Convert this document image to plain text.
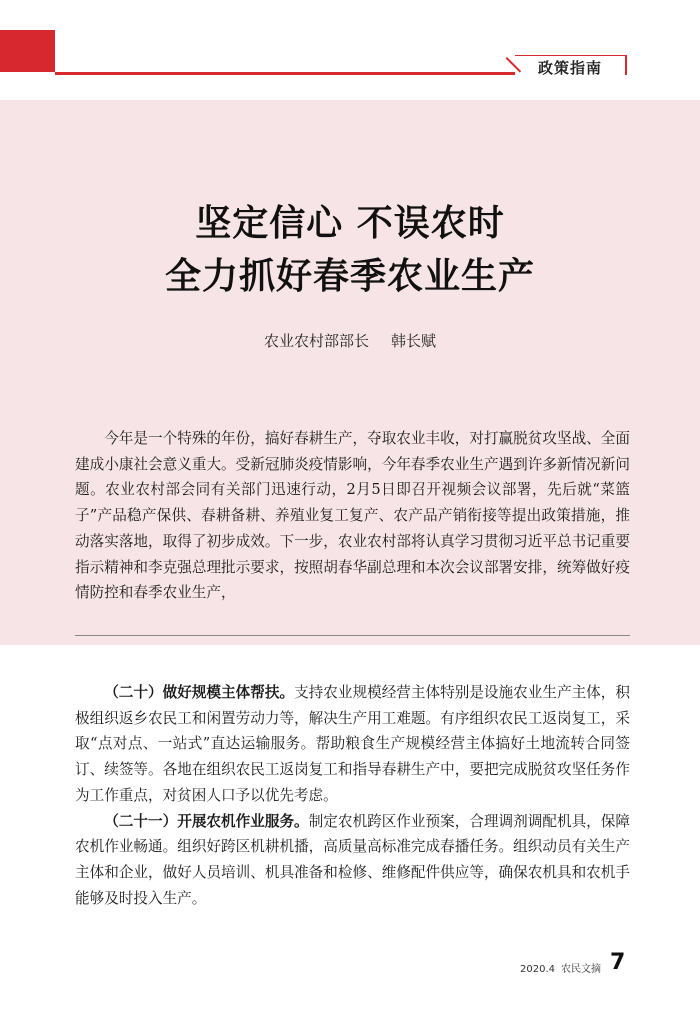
政策指南
坚定信心 不误农时
全力抓好春季农业生产
农业农村部部长 韩长赋

今年是一个特殊的年份，搞好春耕生产，夺取农业丰收，对打赢脱贫攻坚战、全面建成小康社会意义重大。受新冠肺炎疫情影响，今年春季农业生产遇到许多新情况新问题。农业农村部会同有关部门迅速行动，2月5日即召开视频会议部署，先后就“菜篮子”产品稳产保供、春耕备耕、养殖业复工复产、农产品产销衔接等提出政策措施，推动落实落地，取得了初步成效。下一步，农业农村部将认真学习贯彻习近平总书记重要指示精神和李克强总理批示要求，按照胡春华副总理和本次会议部署安排，统筹做好疫情防控和春季农业生产，

（二十）做好规模主体帮扶。支持农业规模经营主体特别是设施农业生产主体，积极组织返乡农民工和闲置劳动力等，解决生产用工难题。有序组织农民工返岗复工，采取“点对点、一站式”直达运输服务。帮助粮食生产规模经营主体搞好土地流转合同签订、续签等。各地在组织农民工返岗复工和指导春耕生产中，要把完成脱贫攻坚任务作为工作重点，对贫困人口予以优先考虑。

（二十一）开展农机作业服务。制定农机跨区作业预案，合理调剂调配机具，保障农机作业畅通。组织好跨区机耕机播，高质量高标准完成春播任务。组织动员有关生产主体和企业，做好人员培训、机具准备和检修、维修配件供应等，确保农机具和农机手能够及时投入生产。

2020.4 农民文摘 7
